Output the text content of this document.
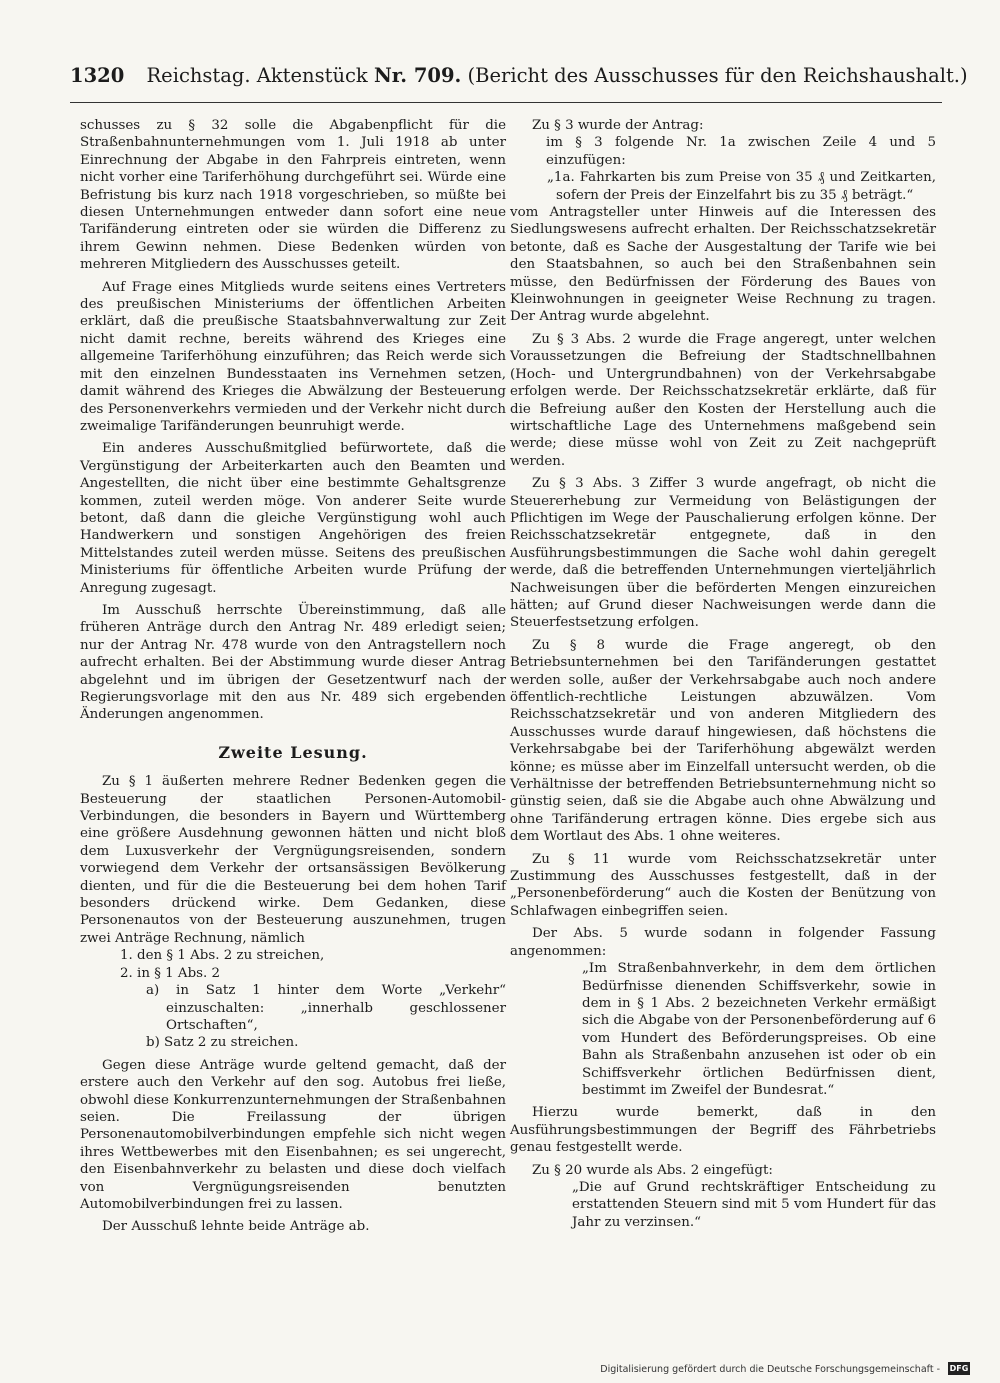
1320 Reichstag. Aktenstück Nr. 709. (Bericht des Ausschusses für den Reichshaushalt.)

schusses zu § 32 solle die Abgabenpflicht für die Straßenbahnunternehmungen vom 1. Juli 1918 ab unter Einrechnung der Abgabe in den Fahrpreis eintreten, wenn nicht vorher eine Tariferhöhung durchgeführt sei. Würde eine Befristung bis kurz nach 1918 vorgeschrieben, so müßte bei diesen Unternehmungen entweder dann sofort eine neue Tarifänderung eintreten oder sie würden die Differenz zu ihrem Gewinn nehmen. Diese Bedenken würden von mehreren Mitgliedern des Ausschusses geteilt.

Auf Frage eines Mitglieds wurde seitens eines Vertreters des preußischen Ministeriums der öffentlichen Arbeiten erklärt, daß die preußische Staatsbahnverwaltung zur Zeit nicht damit rechne, bereits während des Krieges eine allgemeine Tariferhöhung einzuführen; das Reich werde sich mit den einzelnen Bundesstaaten ins Vernehmen setzen, damit während des Krieges die Abwälzung der Besteuerung des Personenverkehrs vermieden und der Verkehr nicht durch zweimalige Tarifänderungen beunruhigt werde.

Ein anderes Ausschußmitglied befürwortete, daß die Vergünstigung der Arbeiterkarten auch den Beamten und Angestellten, die nicht über eine bestimmte Gehaltsgrenze kommen, zuteil werden möge. Von anderer Seite wurde betont, daß dann die gleiche Vergünstigung wohl auch Handwerkern und sonstigen Angehörigen des freien Mittelstandes zuteil werden müsse. Seitens des preußischen Ministeriums für öffentliche Arbeiten wurde Prüfung der Anregung zugesagt.

Im Ausschuß herrschte Übereinstimmung, daß alle früheren Anträge durch den Antrag Nr. 489 erledigt seien; nur der Antrag Nr. 478 wurde von den Antragstellern noch aufrecht erhalten. Bei der Abstimmung wurde dieser Antrag abgelehnt und im übrigen der Gesetzentwurf nach der Regierungsvorlage mit den aus Nr. 489 sich ergebenden Änderungen angenommen.

Zweite Lesung.

Zu § 1 äußerten mehrere Redner Bedenken gegen die Besteuerung der staatlichen Personen-Automobil-Verbindungen, die besonders in Bayern und Württemberg eine größere Ausdehnung gewonnen hätten und nicht bloß dem Luxusverkehr der Vergnügungsreisenden, sondern vorwiegend dem Verkehr der ortsansässigen Bevölkerung dienten, und für die die Besteuerung bei dem hohen Tarif besonders drückend wirke. Dem Gedanken, diese Personenautos von der Besteuerung auszunehmen, trugen zwei Anträge Rechnung, nämlich

1. den § 1 Abs. 2 zu streichen,

2. in § 1 Abs. 2

a) in Satz 1 hinter dem Worte „Verkehr“ einzuschalten: „innerhalb geschlossener Ortschaften“,

b) Satz 2 zu streichen.

Gegen diese Anträge wurde geltend gemacht, daß der erstere auch den Verkehr auf den sog. Autobus frei ließe, obwohl diese Konkurrenzunternehmungen der Straßenbahnen seien. Die Freilassung der übrigen Personenautomobilverbindungen empfehle sich nicht wegen ihres Wettbewerbes mit den Eisenbahnen; es sei ungerecht, den Eisenbahnverkehr zu belasten und diese doch vielfach von Vergnügungsreisenden benutzten Automobilverbindungen frei zu lassen.

Der Ausschuß lehnte beide Anträge ab.

Zu § 3 wurde der Antrag:

im § 3 folgende Nr. 1a zwischen Zeile 4 und 5 einzufügen:

„1a. Fahrkarten bis zum Preise von 35 ₰ und Zeitkarten, sofern der Preis der Einzelfahrt bis zu 35 ₰ beträgt.“

vom Antragsteller unter Hinweis auf die Interessen des Siedlungswesens aufrecht erhalten. Der Reichsschatzsekretär betonte, daß es Sache der Ausgestaltung der Tarife wie bei den Staatsbahnen, so auch bei den Straßenbahnen sein müsse, den Bedürfnissen der Förderung des Baues von Kleinwohnungen in geeigneter Weise Rechnung zu tragen. Der Antrag wurde abgelehnt.

Zu § 3 Abs. 2 wurde die Frage angeregt, unter welchen Voraussetzungen die Befreiung der Stadtschnellbahnen (Hoch- und Untergrundbahnen) von der Verkehrsabgabe erfolgen werde. Der Reichsschatzsekretär erklärte, daß für die Befreiung außer den Kosten der Herstellung auch die wirtschaftliche Lage des Unternehmens maßgebend sein werde; diese müsse wohl von Zeit zu Zeit nachgeprüft werden.

Zu § 3 Abs. 3 Ziffer 3 wurde angefragt, ob nicht die Steuererhebung zur Vermeidung von Belästigungen der Pflichtigen im Wege der Pauschalierung erfolgen könne. Der Reichsschatzsekretär entgegnete, daß in den Ausführungsbestimmungen die Sache wohl dahin geregelt werde, daß die betreffenden Unternehmungen vierteljährlich Nachweisungen über die beförderten Mengen einzureichen hätten; auf Grund dieser Nachweisungen werde dann die Steuerfestsetzung erfolgen.

Zu § 8 wurde die Frage angeregt, ob den Betriebsunternehmen bei den Tarifänderungen gestattet werden solle, außer der Verkehrsabgabe auch noch andere öffentlich-rechtliche Leistungen abzuwälzen. Vom Reichsschatzsekretär und von anderen Mitgliedern des Ausschusses wurde darauf hingewiesen, daß höchstens die Verkehrsabgabe bei der Tariferhöhung abgewälzt werden könne; es müsse aber im Einzelfall untersucht werden, ob die Verhältnisse der betreffenden Betriebsunternehmung nicht so günstig seien, daß sie die Abgabe auch ohne Abwälzung und ohne Tarifänderung ertragen könne. Dies ergebe sich aus dem Wortlaut des Abs. 1 ohne weiteres.

Zu § 11 wurde vom Reichsschatzsekretär unter Zustimmung des Ausschusses festgestellt, daß in der „Personenbeförderung“ auch die Kosten der Benützung von Schlafwagen einbegriffen seien.

Der Abs. 5 wurde sodann in folgender Fassung angenommen:

„Im Straßenbahnverkehr, in dem dem örtlichen Bedürfnisse dienenden Schiffsverkehr, sowie in dem in § 1 Abs. 2 bezeichneten Verkehr ermäßigt sich die Abgabe von der Personenbeförderung auf 6 vom Hundert des Beförderungspreises. Ob eine Bahn als Straßenbahn anzusehen ist oder ob ein Schiffsverkehr örtlichen Bedürfnissen dient, bestimmt im Zweifel der Bundesrat.“

Hierzu wurde bemerkt, daß in den Ausführungsbestimmungen der Begriff des Fährbetriebs genau festgestellt werde.

Zu § 20 wurde als Abs. 2 eingefügt:

„Die auf Grund rechtskräftiger Entscheidung zu erstattenden Steuern sind mit 5 vom Hundert für das Jahr zu verzinsen.“

Digitalisierung gefördert durch die Deutsche Forschungsgemeinschaft - DFG
